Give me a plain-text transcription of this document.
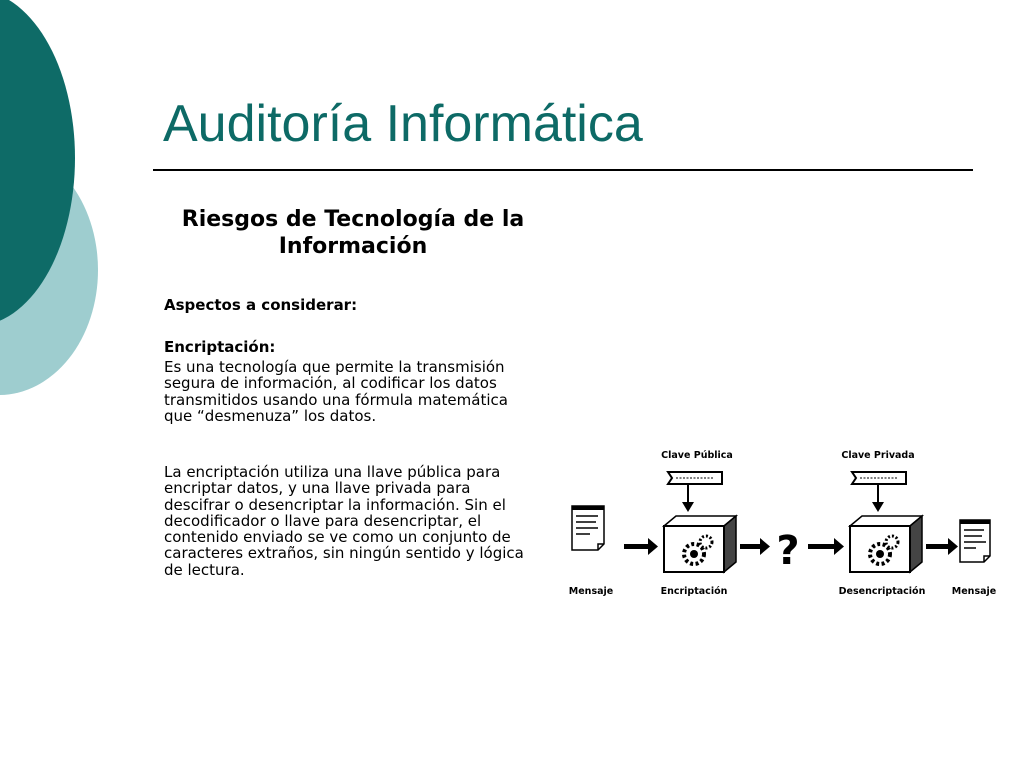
Auditoría Informática
Riesgos de Tecnología de la Información

Aspectos a considerar:

Encriptación:

Es una tecnología que permite la transmisión segura de información, al codificar los datos transmitidos usando una fórmula matemática que “desmenuza” los datos.

La encriptación utiliza una llave pública para encriptar datos, y una llave privada para descifrar o desencriptar la información. Sin el decodificador o llave para desencriptar, el contenido enviado se ve como un conjunto de caracteres extraños, sin ningún sentido y lógica de lectura.

Clave Pública	Clave Privada
?
Mensaje	Encriptación	Desencriptación	Mensaje
